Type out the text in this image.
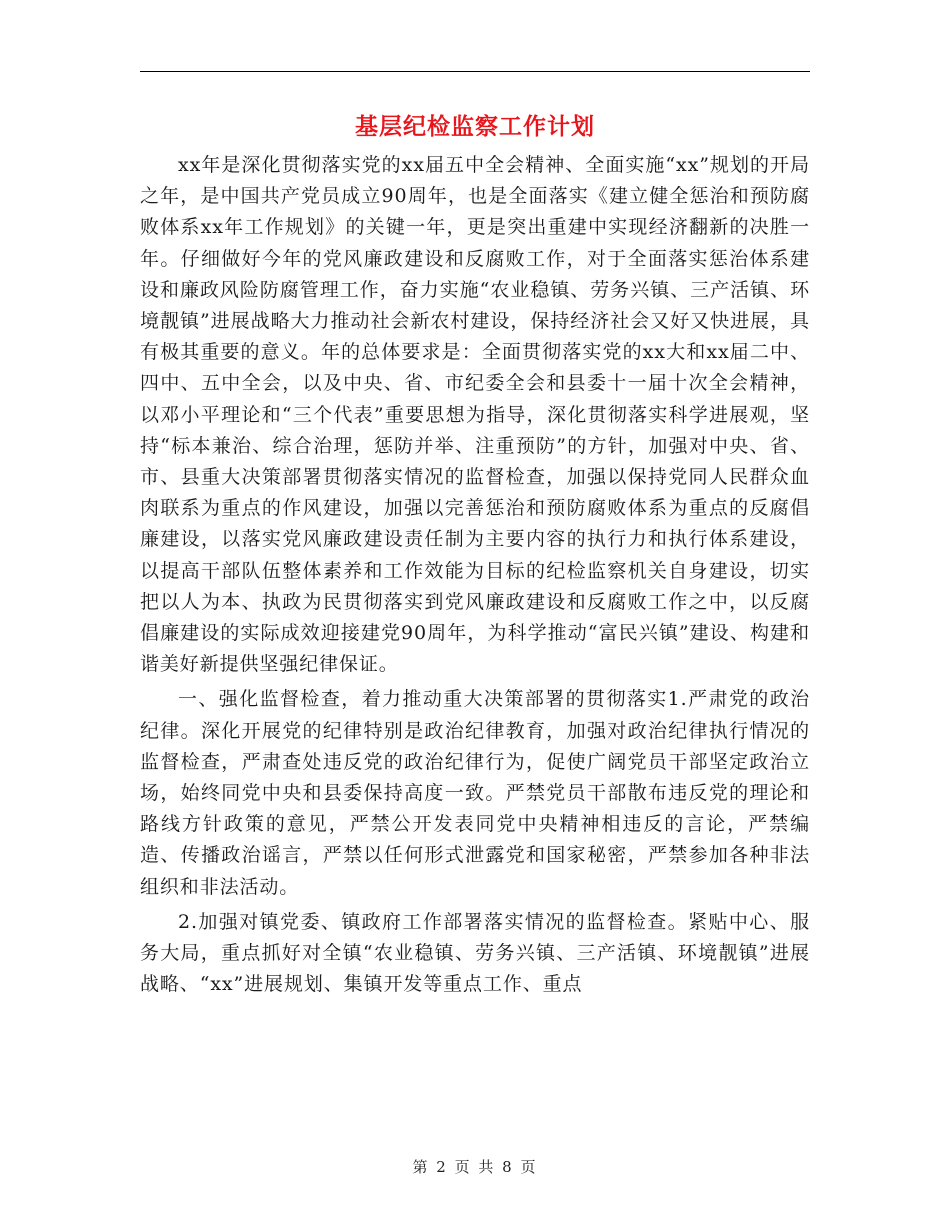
基层纪检监察工作计划

xx年是深化贯彻落实党的xx届五中全会精神、全面实施“xx”规划的开局之年，是中国共产党员成立90周年，也是全面落实《建立健全惩治和预防腐败体系xx年工作规划》的关键一年，更是突出重建中实现经济翻新的决胜一年。仔细做好今年的党风廉政建设和反腐败工作，对于全面落实惩治体系建设和廉政风险防腐管理工作，奋力实施“农业稳镇、劳务兴镇、三产活镇、环境靓镇”进展战略大力推动社会新农村建设，保持经济社会又好又快进展，具有极其重要的意义。年的总体要求是：全面贯彻落实党的xx大和xx届二中、四中、五中全会，以及中央、省、市纪委全会和县委十一届十次全会精神，以邓小平理论和“三个代表”重要思想为指导，深化贯彻落实科学进展观，坚持“标本兼治、综合治理，惩防并举、注重预防”的方针，加强对中央、省、市、县重大决策部署贯彻落实情况的监督检查，加强以保持党同人民群众血肉联系为重点的作风建设，加强以完善惩治和预防腐败体系为重点的反腐倡廉建设，以落实党风廉政建设责任制为主要内容的执行力和执行体系建设，以提高干部队伍整体素养和工作效能为目标的纪检监察机关自身建设，切实把以人为本、执政为民贯彻落实到党风廉政建设和反腐败工作之中，以反腐倡廉建设的实际成效迎接建党90周年，为科学推动“富民兴镇”建设、构建和谐美好新提供坚强纪律保证。

一、强化监督检查，着力推动重大决策部署的贯彻落实1.严肃党的政治纪律。深化开展党的纪律特别是政治纪律教育，加强对政治纪律执行情况的监督检查，严肃查处违反党的政治纪律行为，促使广阔党员干部坚定政治立场，始终同党中央和县委保持高度一致。严禁党员干部散布违反党的理论和路线方针政策的意见，严禁公开发表同党中央精神相违反的言论，严禁编造、传播政治谣言，严禁以任何形式泄露党和国家秘密，严禁参加各种非法组织和非法活动。

2.加强对镇党委、镇政府工作部署落实情况的监督检查。紧贴中心、服务大局，重点抓好对全镇“农业稳镇、劳务兴镇、三产活镇、环境靓镇”进展战略、“xx”进展规划、集镇开发等重点工作、重点

第 2 页 共 8 页
